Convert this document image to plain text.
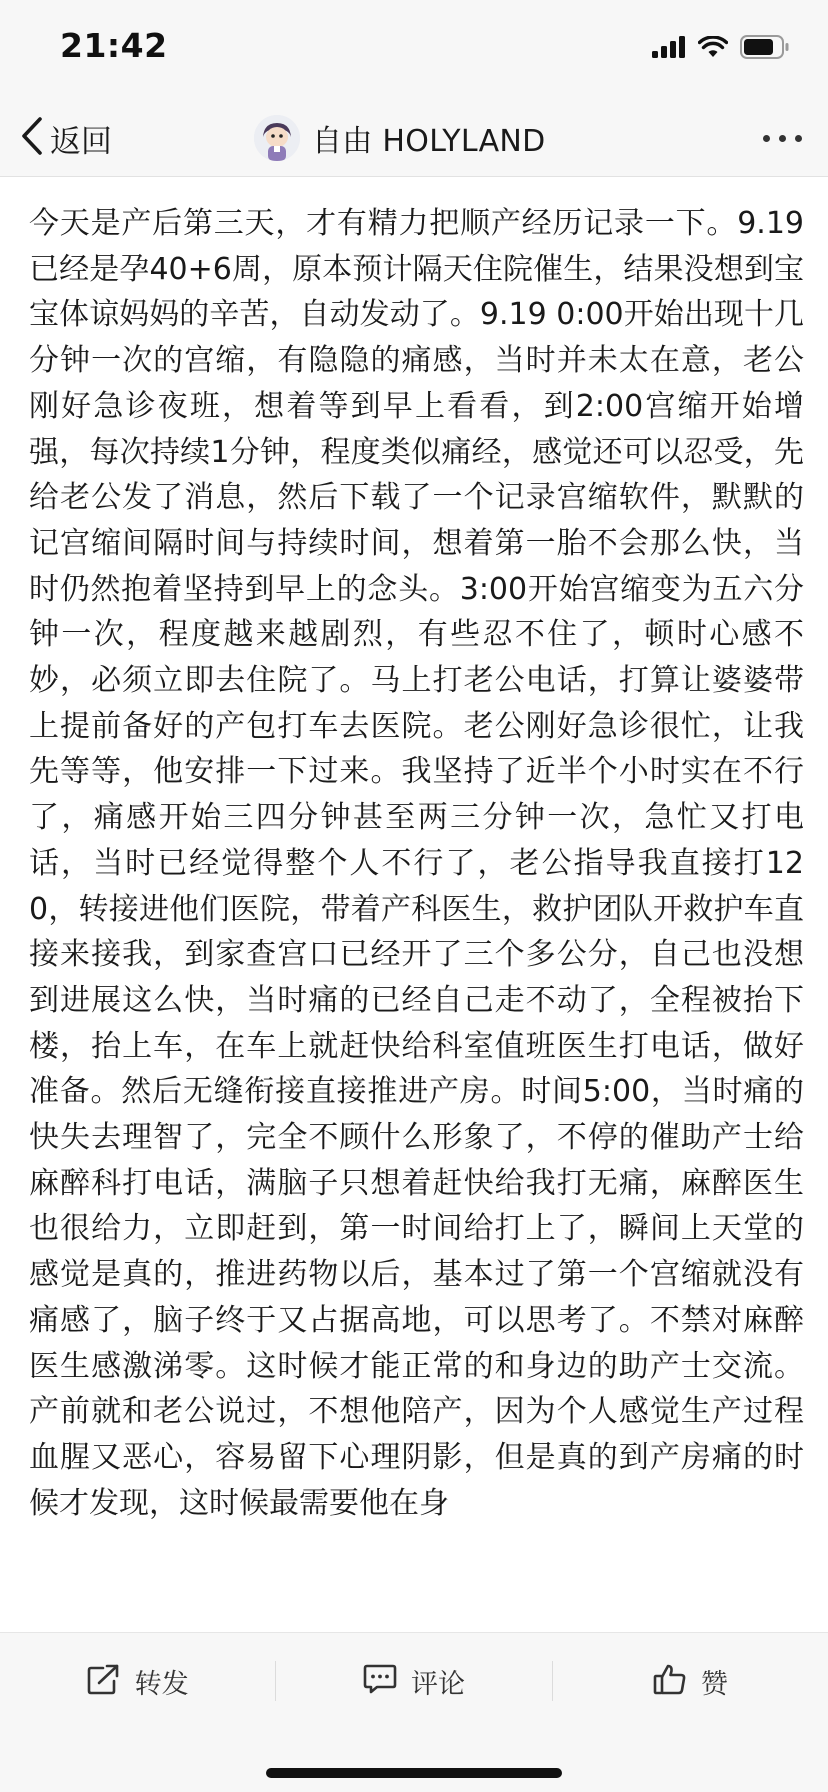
21:42
返回	自由 HOLYLAND

今天是产后第三天，才有精力把顺产经历记录一下。9.19已经是孕40+6周，原本预计隔天住院催生，结果没想到宝宝体谅妈妈的辛苦，自动发动了。9.19 0:00开始出现十几分钟一次的宫缩，有隐隐的痛感，当时并未太在意，老公刚好急诊夜班，想着等到早上看看，到2:00宫缩开始增强，每次持续1分钟，程度类似痛经，感觉还可以忍受，先给老公发了消息，然后下载了一个记录宫缩软件，默默的记宫缩间隔时间与持续时间，想着第一胎不会那么快，当时仍然抱着坚持到早上的念头。3:00开始宫缩变为五六分钟一次，程度越来越剧烈，有些忍不住了，顿时心感不妙，必须立即去住院了。马上打老公电话，打算让婆婆带上提前备好的产包打车去医院。老公刚好急诊很忙，让我先等等，他安排一下过来。我坚持了近半个小时实在不行了，痛感开始三四分钟甚至两三分钟一次，急忙又打电话，当时已经觉得整个人不行了，老公指导我直接打120，转接进他们医院，带着产科医生，救护团队开救护车直接来接我，到家查宫口已经开了三个多公分，自己也没想到进展这么快，当时痛的已经自己走不动了，全程被抬下楼，抬上车，在车上就赶快给科室值班医生打电话，做好准备。然后无缝衔接直接推进产房。时间5:00，当时痛的快失去理智了，完全不顾什么形象了，不停的催助产士给麻醉科打电话，满脑子只想着赶快给我打无痛，麻醉医生也很给力，立即赶到，第一时间给打上了，瞬间上天堂的感觉是真的，推进药物以后，基本过了第一个宫缩就没有痛感了，脑子终于又占据高地，可以思考了。不禁对麻醉医生感激涕零。这时候才能正常的和身边的助产士交流。产前就和老公说过，不想他陪产，因为个人感觉生产过程血腥又恶心，容易留下心理阴影，但是真的到产房痛的时候才发现，这时候最需要他在身

转发	评论	赞
